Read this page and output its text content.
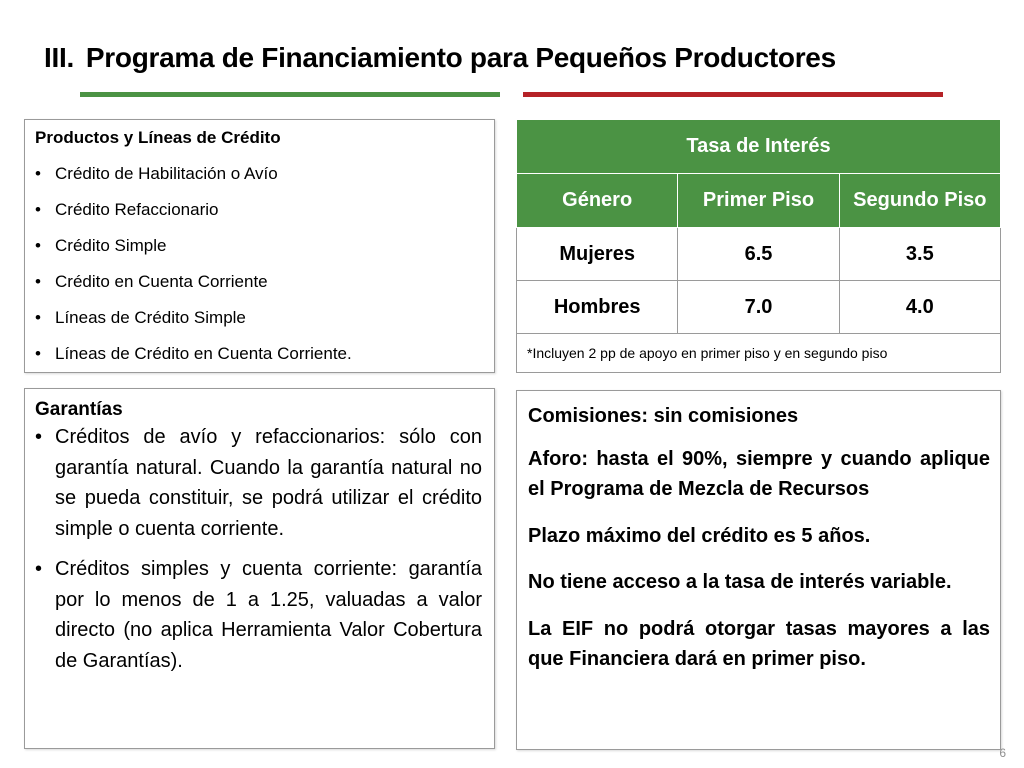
III. Programa de Financiamiento para Pequeños Productores
Productos y Líneas de Crédito
• Crédito de Habilitación o Avío
• Crédito Refaccionario
• Crédito Simple
• Crédito en Cuenta Corriente
• Líneas de Crédito Simple
• Líneas de Crédito en Cuenta Corriente.
Tasa de Interés		
Género	Primer Piso	Segundo Piso
Mujeres	6.5	3.5
Hombres	7.0	4.0
*Incluyen 2 pp de apoyo en primer piso y en segundo piso		
Garantías
• Créditos de avío y refaccionarios: sólo con garantía natural. Cuando la garantía natural no se pueda constituir, se podrá utilizar el crédito simple o cuenta corriente.
• Créditos simples y cuenta corriente: garantía por lo menos de 1 a 1.25, valuadas a valor directo (no aplica Herramienta Valor Cobertura de Garantías).

Comisiones: sin comisiones

Aforo: hasta el 90%, siempre y cuando aplique el Programa de Mezcla de Recursos

Plazo máximo del crédito es 5 años.

No tiene acceso a la tasa de interés variable.

La EIF no podrá otorgar tasas mayores a las que Financiera dará en primer piso.

6
